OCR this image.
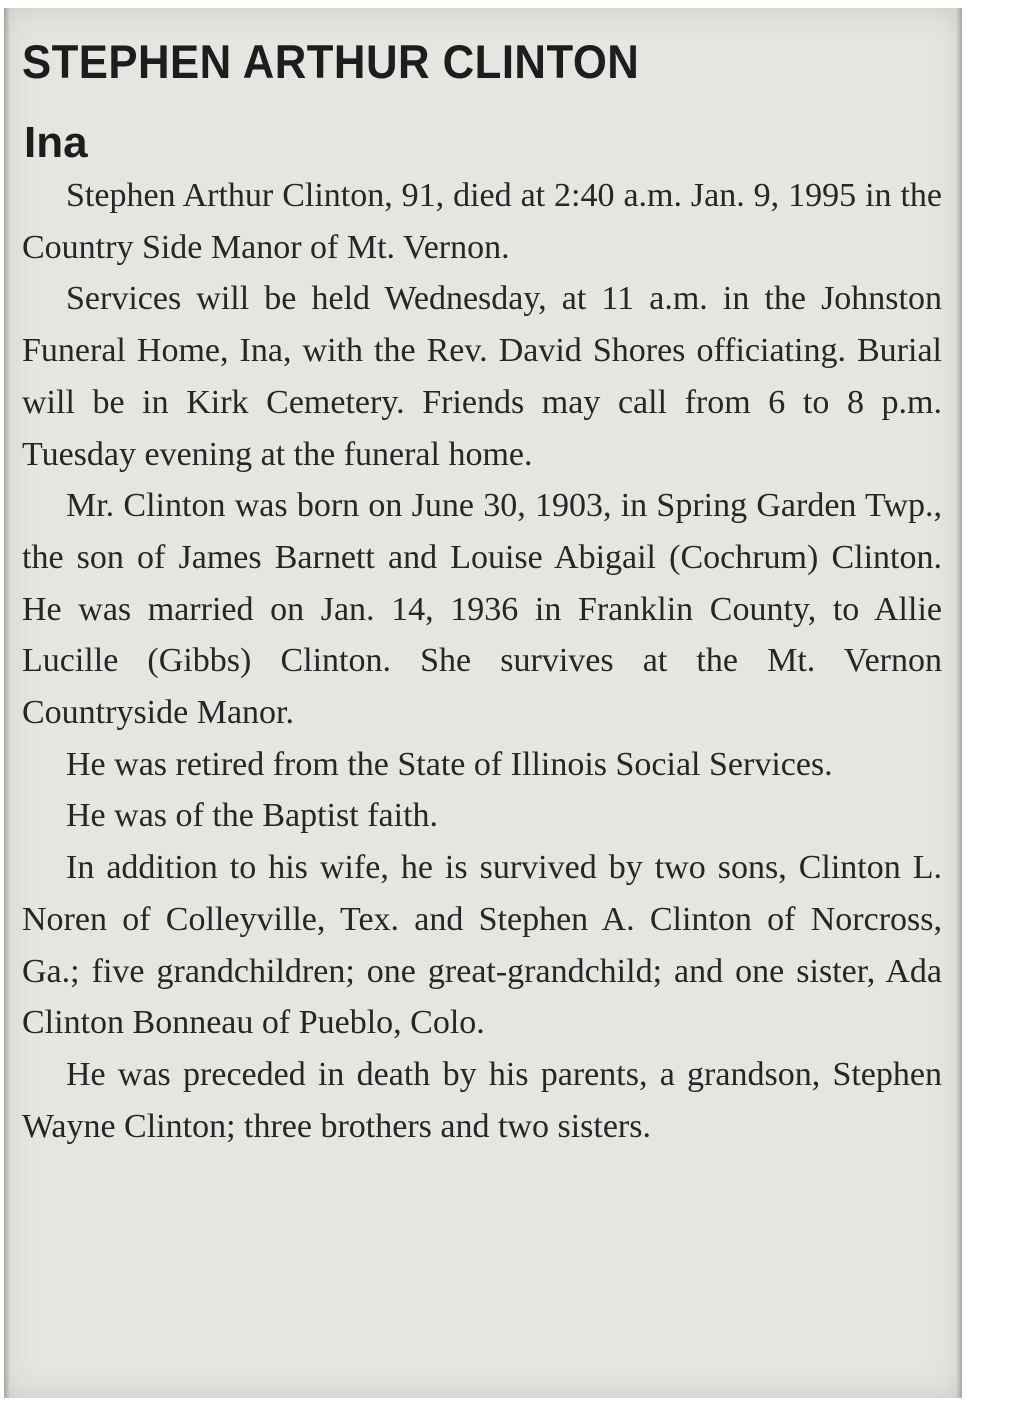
STEPHEN ARTHUR CLINTON
Ina

Stephen Arthur Clinton, 91, died at 2:40 a.m. Jan. 9, 1995 in the Country Side Manor of Mt. Vernon.

Services will be held Wednesday, at 11 a.m. in the Johnston Funeral Home, Ina, with the Rev. David Shores officiating. Burial will be in Kirk Cemetery. Friends may call from 6 to 8 p.m. Tuesday evening at the funeral home.

Mr. Clinton was born on June 30, 1903, in Spring Garden Twp., the son of James Barnett and Louise Abigail (Cochrum) Clinton. He was married on Jan. 14, 1936 in Franklin County, to Allie Lucille (Gibbs) Clinton. She survives at the Mt. Vernon Countryside Manor.

He was retired from the State of Illinois Social Services.

He was of the Baptist faith.

In addition to his wife, he is survived by two sons, Clinton L. Noren of Colleyville, Tex. and Stephen A. Clinton of Norcross, Ga.; five grandchildren; one great-grandchild; and one sister, Ada Clinton Bonneau of Pueblo, Colo.

He was preceded in death by his parents, a grandson, Stephen Wayne Clinton; three brothers and two sisters.
